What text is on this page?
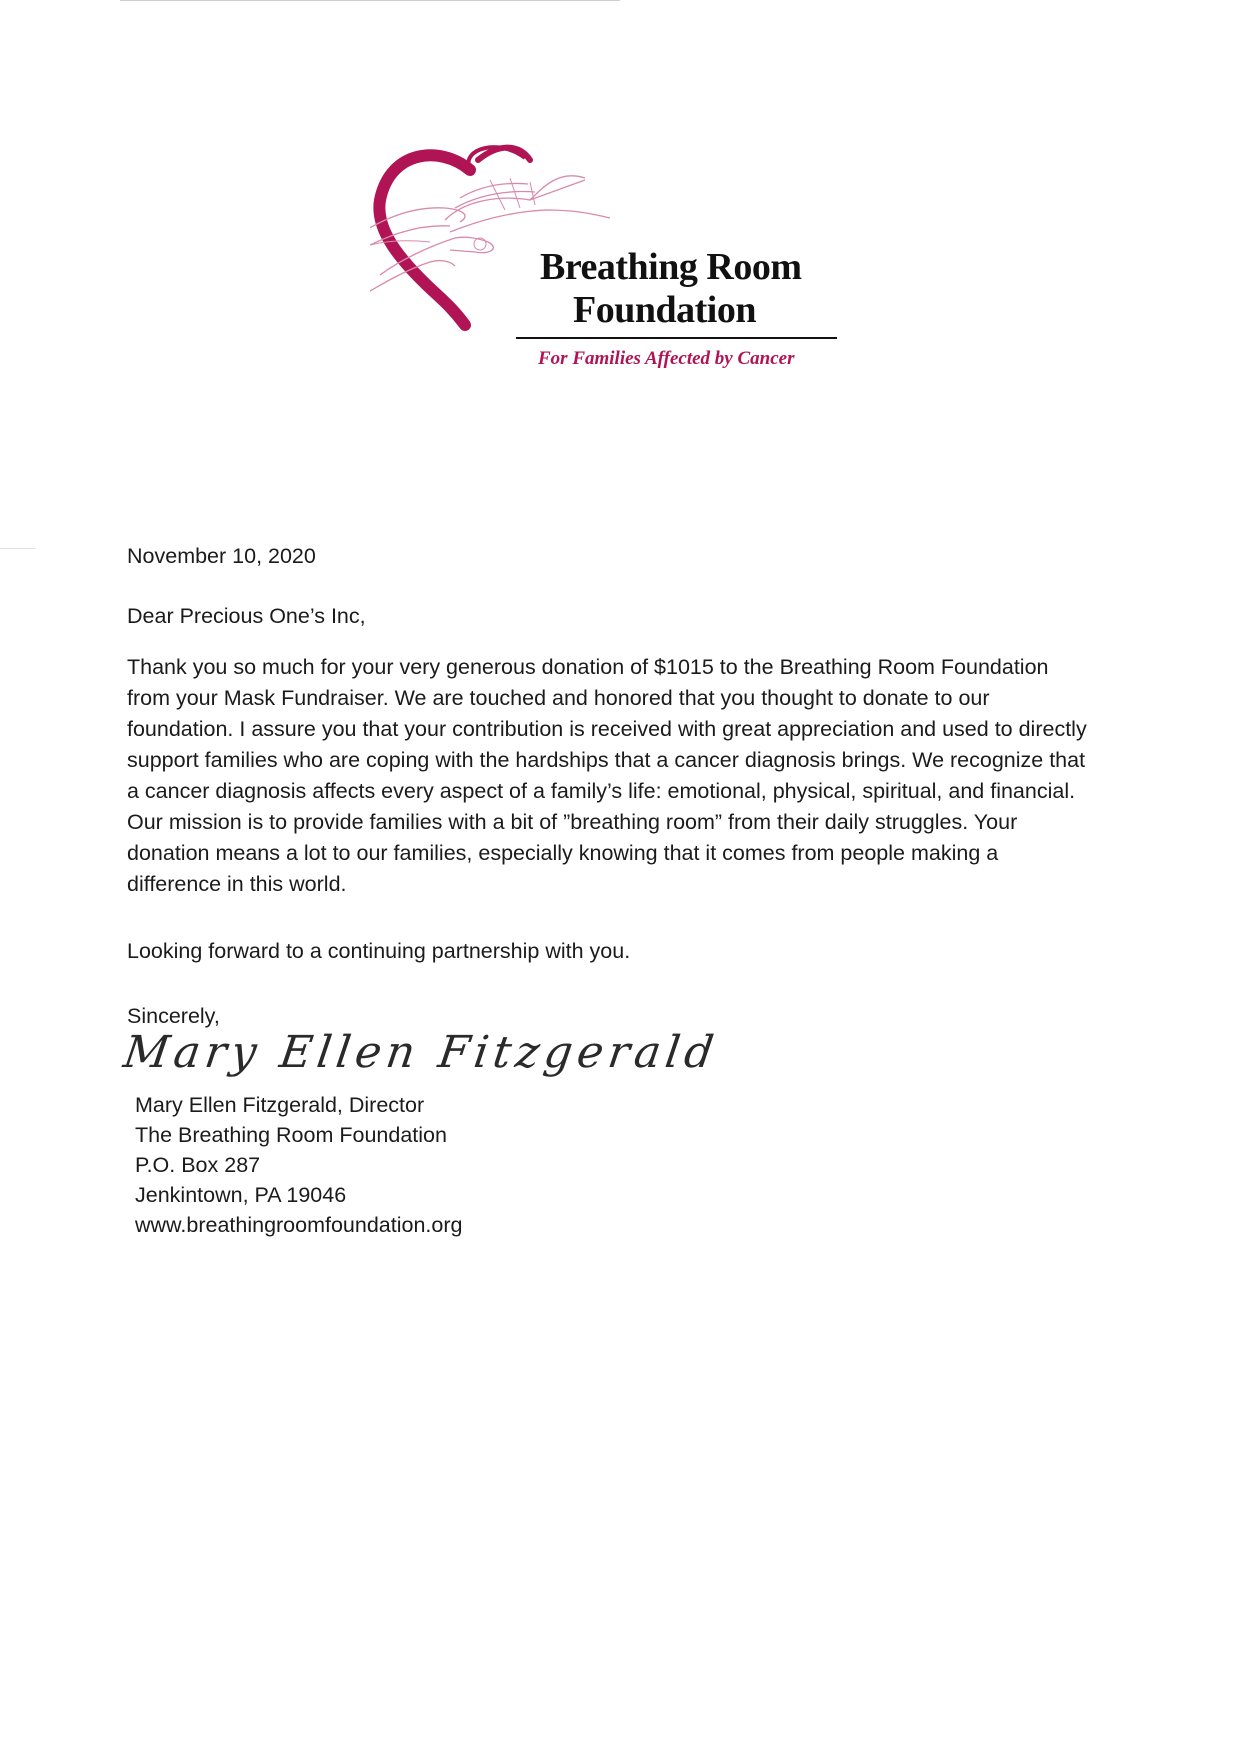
Breathing Room
Foundation
For Families Affected by Cancer
November 10, 2020
Dear Precious One’s Inc,
Thank you so much for your very generous donation of $1015 to the Breathing Room Foundation from your Mask Fundraiser. We are touched and honored that you thought to donate to our foundation. I assure you that your contribution is received with great appreciation and used to directly support families who are coping with the hardships that a cancer diagnosis brings. We recognize that a cancer diagnosis affects every aspect of a family’s life: emotional, physical, spiritual, and financial. Our mission is to provide families with a bit of ”breathing room” from their daily struggles. Your donation means a lot to our families, especially knowing that it comes from people making a difference in this world.
Looking forward to a continuing partnership with you.
Sincerely,
Mary Ellen Fitzgerald
Mary Ellen Fitzgerald, Director
The Breathing Room Foundation
P.O. Box 287
Jenkintown, PA 19046
www.breathingroomfoundation.org
